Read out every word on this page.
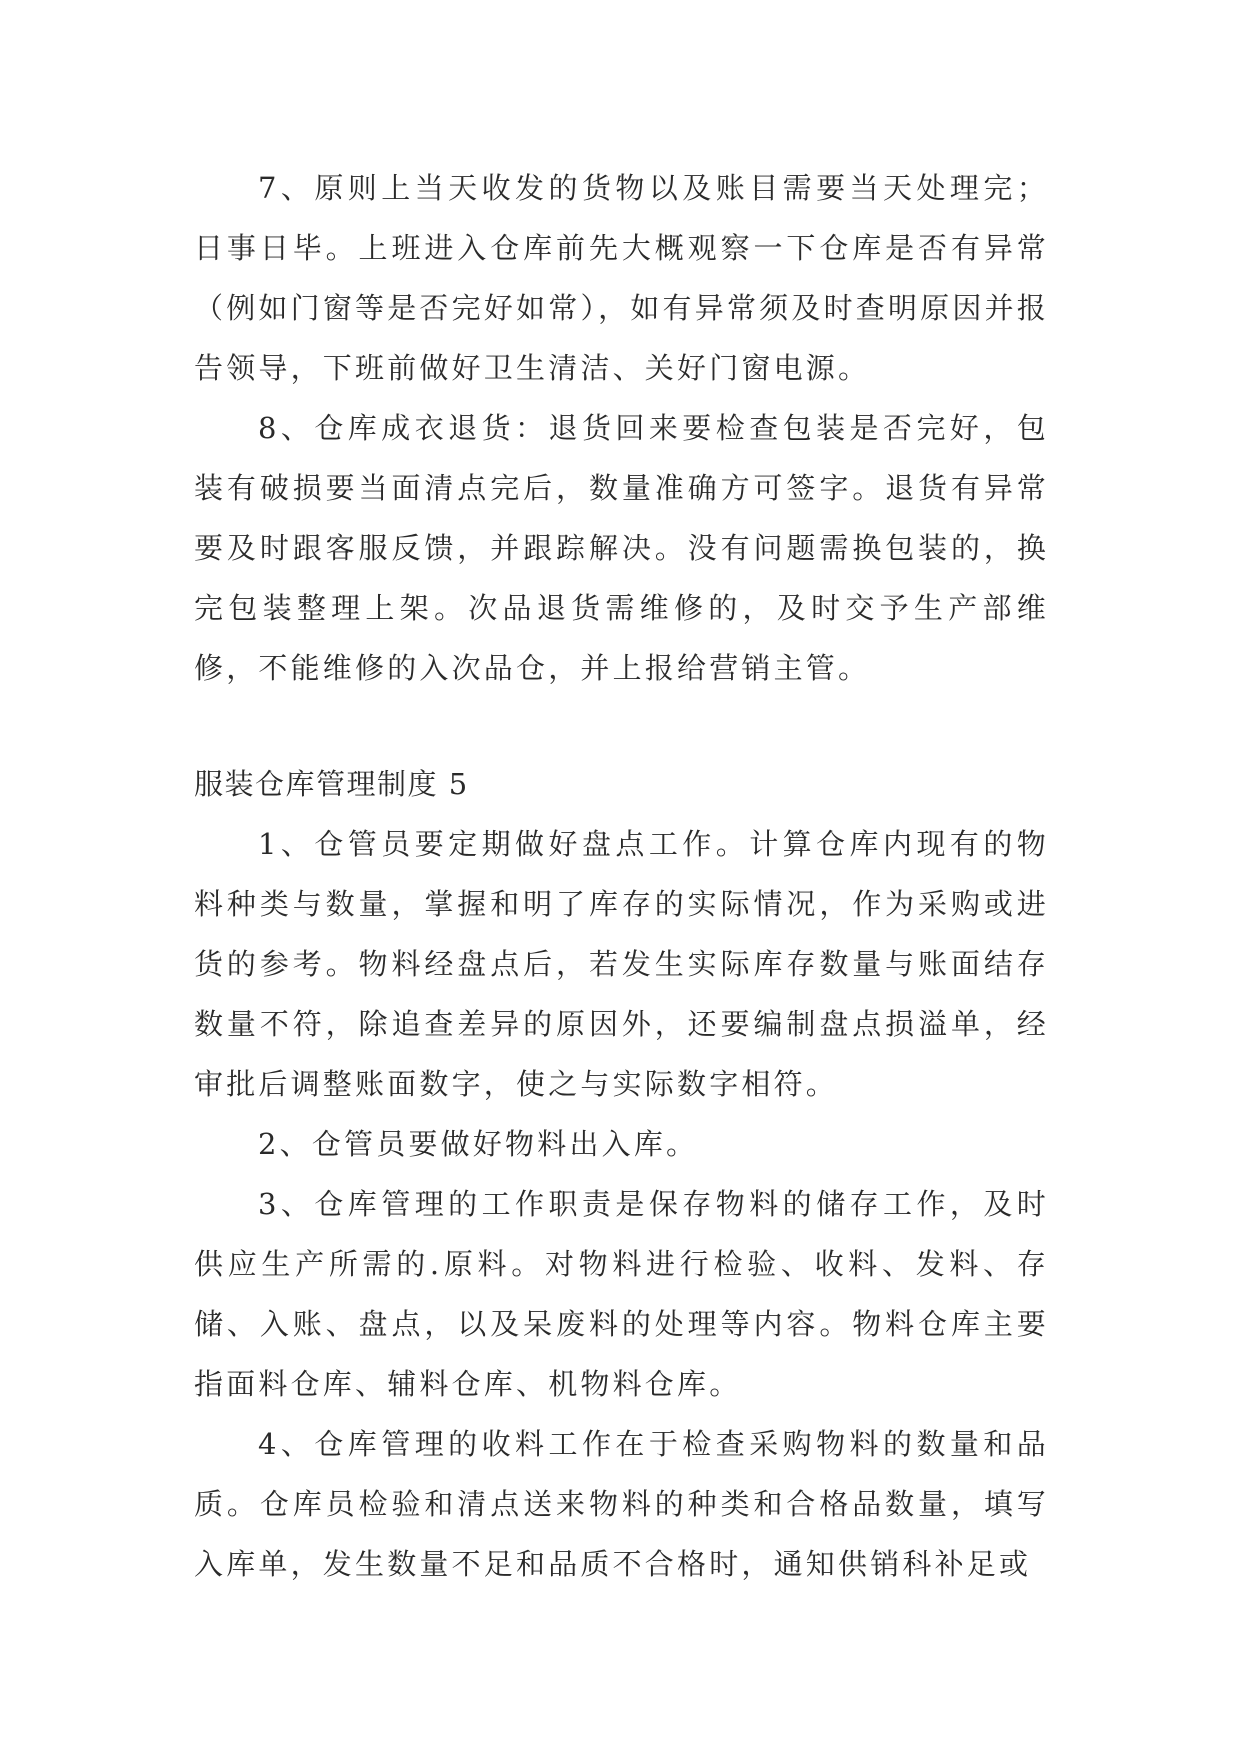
7、原则上当天收发的货物以及账目需要当天处理完；日事日毕。上班进入仓库前先大概观察一下仓库是否有异常（例如门窗等是否完好如常），如有异常须及时查明原因并报告领导，下班前做好卫生清洁、关好门窗电源。

8、仓库成衣退货：退货回来要检查包装是否完好，包装有破损要当面清点完后，数量准确方可签字。退货有异常要及时跟客服反馈，并跟踪解决。没有问题需换包装的，换完包装整理上架。次品退货需维修的，及时交予生产部维修，不能维修的入次品仓，并上报给营销主管。

服装仓库管理制度 5

1、仓管员要定期做好盘点工作。计算仓库内现有的物料种类与数量，掌握和明了库存的实际情况，作为采购或进货的参考。物料经盘点后，若发生实际库存数量与账面结存数量不符，除追查差异的原因外，还要编制盘点损溢单，经审批后调整账面数字，使之与实际数字相符。

2、仓管员要做好物料出入库。

3、仓库管理的工作职责是保存物料的储存工作，及时供应生产所需的.原料。对物料进行检验、收料、发料、存储、入账、盘点，以及呆废料的处理等内容。物料仓库主要指面料仓库、辅料仓库、机物料仓库。

4、仓库管理的收料工作在于检查采购物料的数量和品质。仓库员检验和清点送来物料的种类和合格品数量，填写入库单，发生数量不足和品质不合格时，通知供销科补足或
